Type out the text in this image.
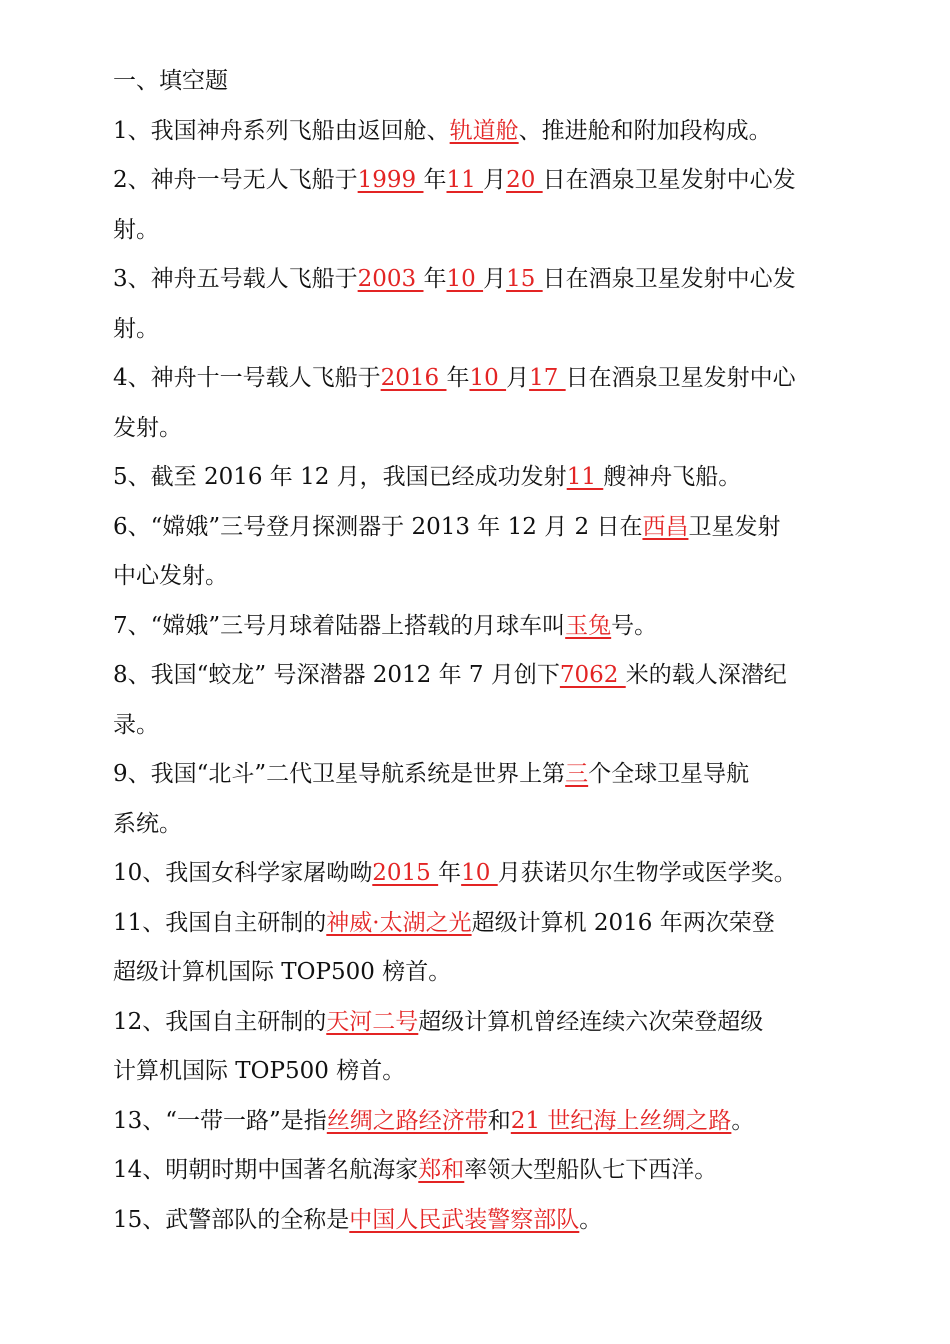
一、填空题

1、我国神舟系列飞船由返回舱、轨道舱、推进舱和附加段构成。

2、神舟一号无人飞船于1999 年11 月20 日在酒泉卫星发射中心发

射。

3、神舟五号载人飞船于2003 年10 月15 日在酒泉卫星发射中心发

射。

4、神舟十一号载人飞船于2016 年10 月17 日在酒泉卫星发射中心

发射。

5、截至 2016 年 12 月，我国已经成功发射11 艘神舟飞船。

6、“嫦娥”三号登月探测器于 2013 年 12 月 2 日在西昌卫星发射

中心发射。

7、“嫦娥”三号月球着陆器上搭载的月球车叫玉兔号。

8、我国“蛟龙” 号深潜器 2012 年 7 月创下7062 米的载人深潜纪

录。

9、我国“北斗”二代卫星导航系统是世界上第三个全球卫星导航

系统。

10、我国女科学家屠呦呦2015 年10 月获诺贝尔生物学或医学奖。

11、我国自主研制的神威·太湖之光超级计算机 2016 年两次荣登

超级计算机国际 TOP500 榜首。

12、我国自主研制的天河二号超级计算机曾经连续六次荣登超级

计算机国际 TOP500 榜首。

13、“一带一路”是指丝绸之路经济带和21 世纪海上丝绸之路。

14、明朝时期中国著名航海家郑和率领大型船队七下西洋。

15、武警部队的全称是中国人民武装警察部队。
